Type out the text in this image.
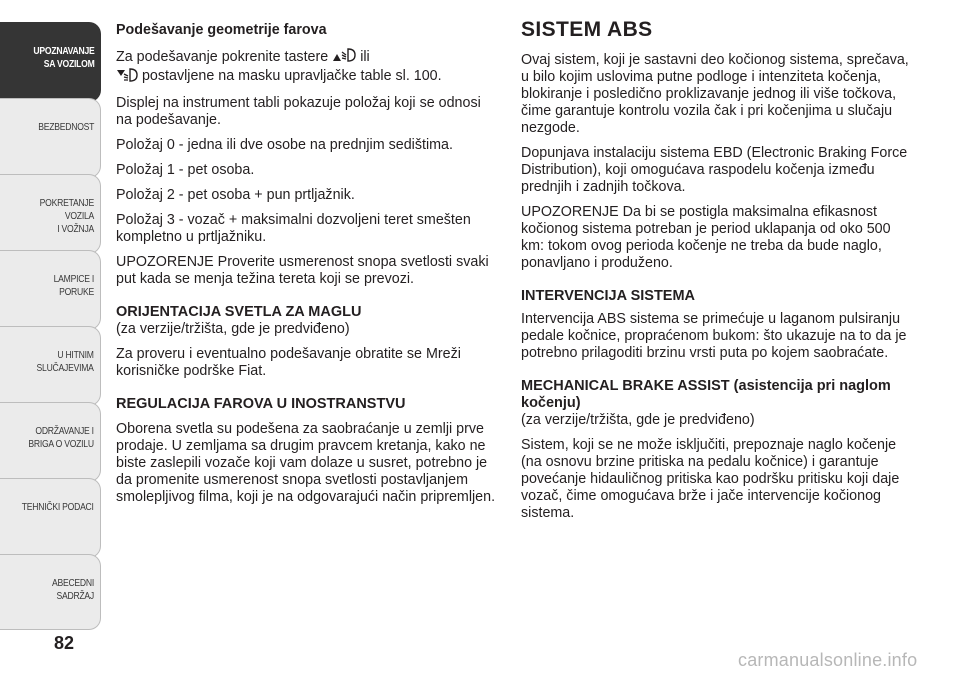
UPOZNAVANJE
SA VOZILOM
BEZBEDNOST
POKRETANJE VOZILA
I VOŽNJA
LAMPICE I PORUKE
U HITNIM
SLUČAJEVIMA
ODRŽAVANJE I
BRIGA O VOZILU
TEHNIČKI PODACI
ABECEDNI SADRŽAJ
82

Podešavanje geometrije farova

Za podešavanje pokrenite tastere ili
postavljene na masku upravljačke table sl. 100.

Displej na instrument tabli pokazuje položaj koji se odnosi na podešavanje.

Položaj 0 - jedna ili dve osobe na prednjim sedištima.

Položaj 1 - pet osoba.

Položaj 2 - pet osoba + pun prtljažnik.

Položaj 3 - vozač + maksimalni dozvoljeni teret smešten kompletno u prtljažniku.

UPOZORENJE Proverite usmerenost snopa svetlosti svaki put kada se menja težina tereta koji se prevozi.

ORIJENTACIJA SVETLA ZA MAGLU

(za verzije/tržišta, gde je predviđeno)

Za proveru i eventualno podešavanje obratite se Mreži korisničke podrške Fiat.

REGULACIJA FAROVA U INOSTRANSTVU

Oborena svetla su podešena za saobraćanje u zemlji prve prodaje. U zemljama sa drugim pravcem kretanja, kako ne biste zaslepili vozače koji vam dolaze u susret, potrebno je da promenite usmerenost snopa svetlosti postavljanjem smolepljivog filma, koji je na odgovarajući način pripremljen.

SISTEM ABS

Ovaj sistem, koji je sastavni deo kočionog sistema, sprečava, u bilo kojim uslovima putne podloge i intenziteta kočenja, blokiranje i posledično proklizavanje jednog ili više točkova, čime garantuje kontrolu vozila čak i pri kočenjima u slučaju nezgode.

Dopunjava instalaciju sistema EBD (Electronic Braking Force Distribution), koji omogućava raspodelu kočenja između prednjih i zadnjih točkova.

UPOZORENJE Da bi se postigla maksimalna efikasnost kočionog sistema potreban je period uklapanja od oko 500 km: tokom ovog perioda kočenje ne treba da bude naglo, ponavljano i produženo.

INTERVENCIJA SISTEMA

Intervencija ABS sistema se primećuje u laganom pulsiranju pedale kočnice, propraćenom bukom: što ukazuje na to da je potrebno prilagoditi brzinu vrsti puta po kojem saobraćate.

MECHANICAL BRAKE ASSIST (asistencija pri naglom kočenju)

(za verzije/tržišta, gde je predviđeno)

Sistem, koji se ne može isključiti, prepoznaje naglo kočenje (na osnovu brzine pritiska na pedalu kočnice) i garantuje povećanje hidauličnog pritiska kao podršku pritisku koji daje vozač, čime omogućava brže i jače intervencije kočionog sistema.

carmanualsonline.info
